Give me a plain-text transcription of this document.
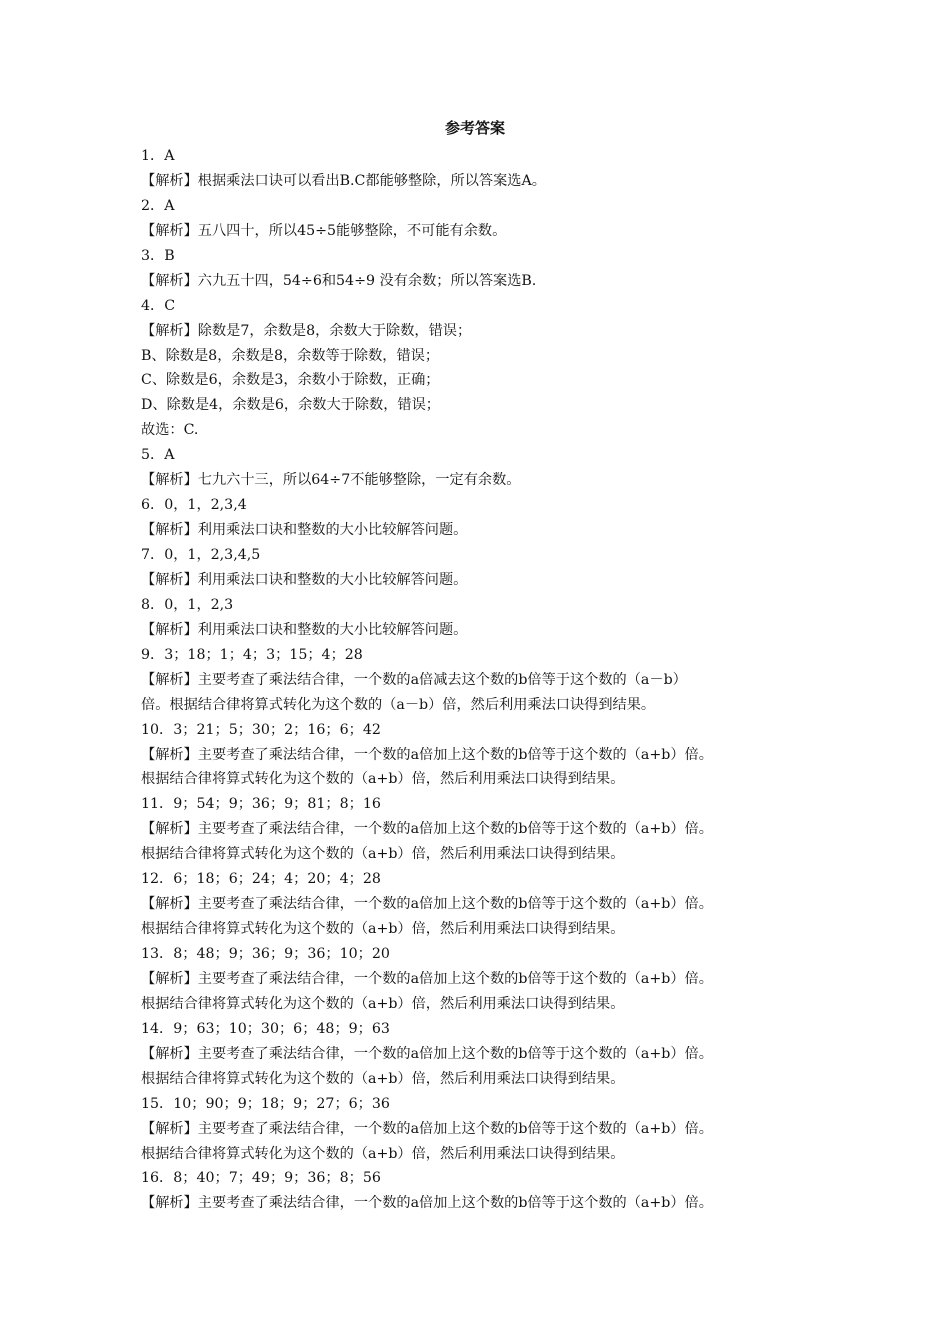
参考答案
1．A
【解析】根据乘法口诀可以看出B.C都能够整除，所以答案选A。
2．A
【解析】五八四十，所以45÷5能够整除，不可能有余数。
3．B
【解析】六九五十四，54÷6和54÷9 没有余数；所以答案选B.
4．C
【解析】除数是7，余数是8，余数大于除数，错误；
B、除数是8，余数是8，余数等于除数，错误；
C、除数是6，余数是3，余数小于除数，正确；
D、除数是4，余数是6，余数大于除数，错误；
故选：C.
5．A
【解析】七九六十三，所以64÷7不能够整除，一定有余数。
6．0，1，2,3,4
【解析】利用乘法口诀和整数的大小比较解答问题。
7．0，1，2,3,4,5
【解析】利用乘法口诀和整数的大小比较解答问题。
8．0，1，2,3
【解析】利用乘法口诀和整数的大小比较解答问题。
9．3；18；1；4；3；15；4；28
【解析】主要考查了乘法结合律，一个数的a倍减去这个数的b倍等于这个数的（a－b）
倍。根据结合律将算式转化为这个数的（a－b）倍，然后利用乘法口诀得到结果。
10．3；21；5；30；2；16；6；42
【解析】主要考查了乘法结合律，一个数的a倍加上这个数的b倍等于这个数的（a+b）倍。
根据结合律将算式转化为这个数的（a+b）倍，然后利用乘法口诀得到结果。
11．9；54；9；36；9；81；8；16
【解析】主要考查了乘法结合律，一个数的a倍加上这个数的b倍等于这个数的（a+b）倍。
根据结合律将算式转化为这个数的（a+b）倍，然后利用乘法口诀得到结果。
12．6；18；6；24；4；20；4；28
【解析】主要考查了乘法结合律，一个数的a倍加上这个数的b倍等于这个数的（a+b）倍。
根据结合律将算式转化为这个数的（a+b）倍，然后利用乘法口诀得到结果。
13．8；48；9；36；9；36；10；20
【解析】主要考查了乘法结合律，一个数的a倍加上这个数的b倍等于这个数的（a+b）倍。
根据结合律将算式转化为这个数的（a+b）倍，然后利用乘法口诀得到结果。
14．9；63；10；30；6；48；9；63
【解析】主要考查了乘法结合律，一个数的a倍加上这个数的b倍等于这个数的（a+b）倍。
根据结合律将算式转化为这个数的（a+b）倍，然后利用乘法口诀得到结果。
15．10；90；9；18；9；27；6；36
【解析】主要考查了乘法结合律，一个数的a倍加上这个数的b倍等于这个数的（a+b）倍。
根据结合律将算式转化为这个数的（a+b）倍，然后利用乘法口诀得到结果。
16．8；40；7；49；9；36；8；56
【解析】主要考查了乘法结合律，一个数的a倍加上这个数的b倍等于这个数的（a+b）倍。
